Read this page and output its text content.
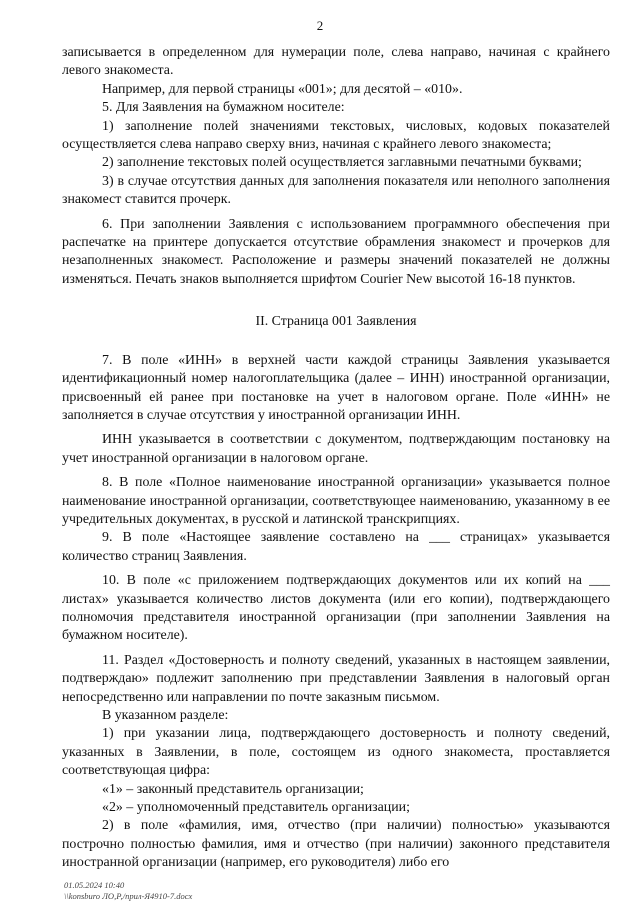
2

записывается в определенном для нумерации поле, слева направо, начиная с крайнего левого знакоместа.

Например, для первой страницы «001»; для десятой – «010».

5. Для Заявления на бумажном носителе:

1) заполнение полей значениями текстовых, числовых, кодовых показателей осуществляется слева направо сверху вниз, начиная с крайнего левого знакоместа;

2) заполнение текстовых полей осуществляется заглавными печатными буквами;

3) в случае отсутствия данных для заполнения показателя или неполного заполнения знакомест ставится прочерк.

6. При заполнении Заявления с использованием программного обеспечения при распечатке на принтере допускается отсутствие обрамления знакомест и прочерков для незаполненных знакомест. Расположение и размеры значений показателей не должны изменяться. Печать знаков выполняется шрифтом Courier New высотой 16-18 пунктов.

II. Страница 001 Заявления

7. В поле «ИНН» в верхней части каждой страницы Заявления указывается идентификационный номер налогоплательщика (далее – ИНН) иностранной организации, присвоенный ей ранее при постановке на учет в налоговом органе. Поле «ИНН» не заполняется в случае отсутствия у иностранной организации ИНН.

ИНН указывается в соответствии с документом, подтверждающим постановку на учет иностранной организации в налоговом органе.

8. В поле «Полное наименование иностранной организации» указывается полное наименование иностранной организации, соответствующее наименованию, указанному в ее учредительных документах, в русской и латинской транскрипциях.

9. В поле «Настоящее заявление составлено на ___ страницах» указывается количество страниц Заявления.

10. В поле «с приложением подтверждающих документов или их копий на ___ листах» указывается количество листов документа (или его копии), подтверждающего полномочия представителя иностранной организации (при заполнении Заявления на бумажном носителе).

11. Раздел «Достоверность и полноту сведений, указанных в настоящем заявлении, подтверждаю» подлежит заполнению при представлении Заявления в налоговый орган непосредственно или направлении по почте заказным письмом.

В указанном разделе:

1) при указании лица, подтверждающего достоверность и полноту сведений, указанных в Заявлении, в поле, состоящем из одного знакоместа, проставляется соответствующая цифра:

«1» – законный представитель организации;

«2» – уполномоченный представитель организации;

2) в поле «фамилия, имя, отчество (при наличии) полностью» указываются построчно полностью фамилия, имя и отчество (при наличии) законного представителя иностранной организации (например, его руководителя) либо его

01.05.2024 10:40
\\konsburo ЛО,Р,/прил-Я4910-7.docx
